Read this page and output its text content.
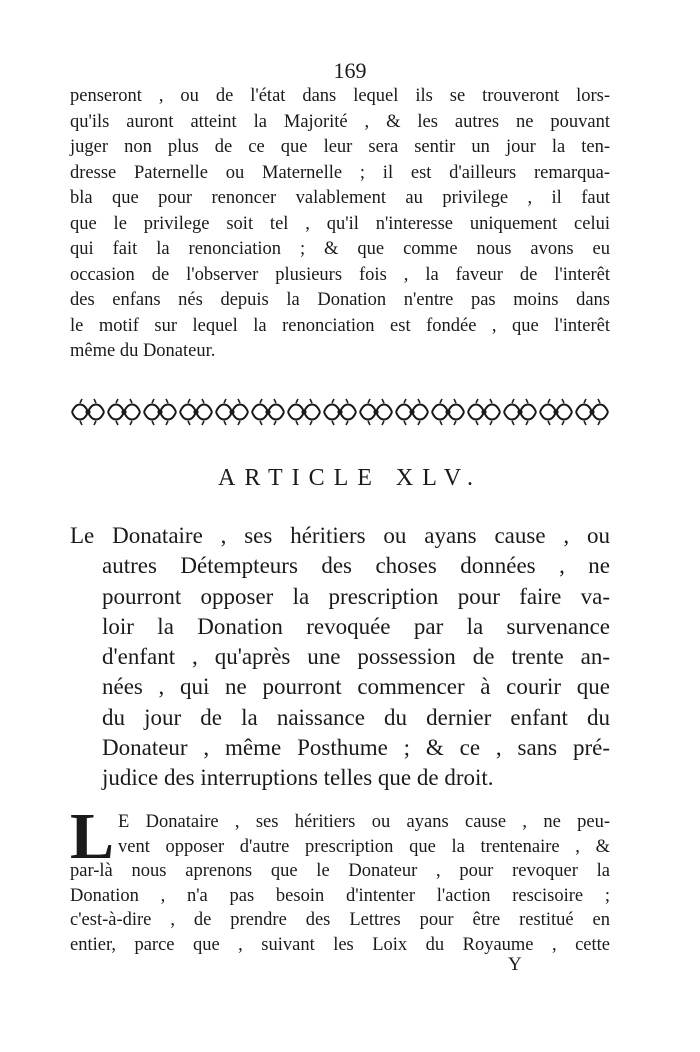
169
penseront , ou de l'état dans lequel ils se trouveront lors-
qu'ils auront atteint la Majorité , & les autres ne pouvant
juger non plus de ce que leur sera sentir un jour la ten-
dresse Paternelle ou Maternelle ; il est d'ailleurs remarqua-
bla que pour renoncer valablement au privilege , il faut
que le privilege soit tel , qu'il n'interesse uniquement celui
qui fait la renonciation ; & que comme nous avons eu
occasion de l'observer plusieurs fois , la faveur de l'interêt
des enfans nés depuis la Donation n'entre pas moins dans
le motif sur lequel la renonciation est fondée , que l'interêt
même du Donateur.
ARTICLE XLV.
Le Donataire , ses héritiers ou ayans cause , ou
autres Détempteurs des choses données , ne
pourront opposer la prescription pour faire va-
loir la Donation revoquée par la survenance
d'enfant , qu'après une possession de trente an-
nées , qui ne pourront commencer à courir que
du jour de la naissance du dernier enfant du
Donateur , même Posthume ; & ce , sans pré-
judice des interruptions telles que de droit.
L E Donataire , ses héritiers ou ayans cause , ne peu-
vent opposer d'autre prescription que la trentenaire , &
par-là nous aprenons que le Donateur , pour revoquer la
Donation , n'a pas besoin d'intenter l'action rescisoire ;
c'est-à-dire , de prendre des Lettres pour être restitué en
entier, parce que , suivant les Loix du Royaume , cette
Y
